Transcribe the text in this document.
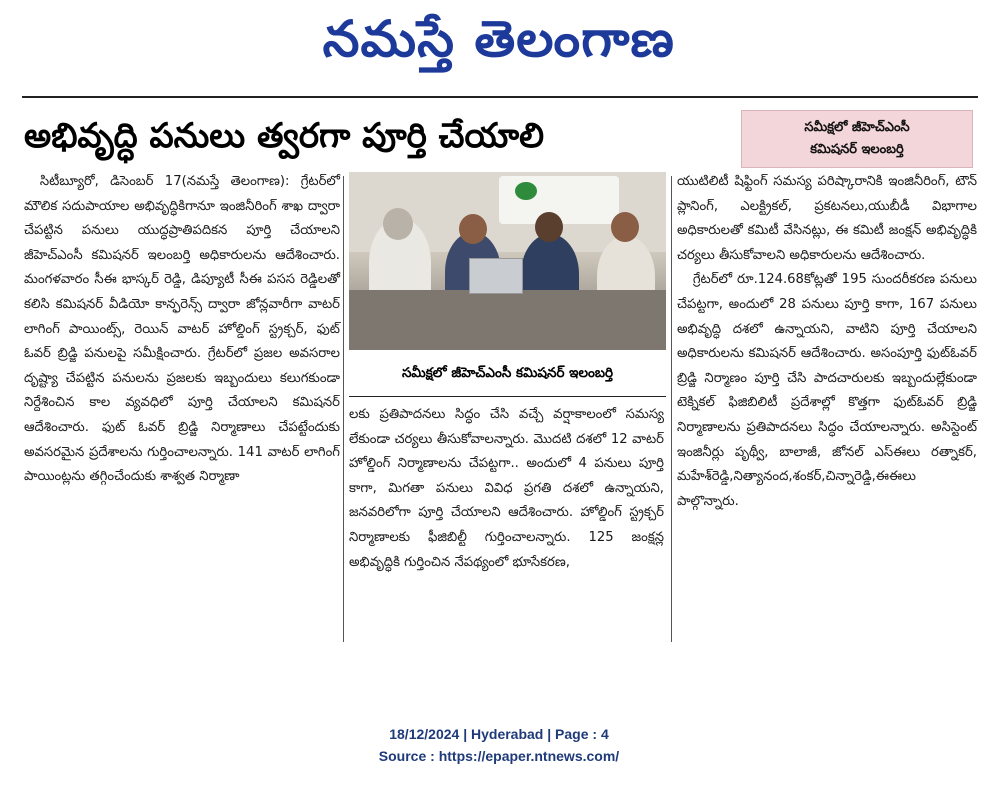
నమస్తే తెలంగాణ
అభివృద్ధి పనులు త్వరగా పూర్తి చేయాలి	సమీక్షలో జీహెచ్‌ఎంసీ
కమిషనర్ ఇలంబర్తి

సిటీబ్యూరో, డిసెంబర్ 17(నమస్తే తెలంగాణ): గ్రేటర్‌లో మౌలిక సదుపాయాల అభివృద్ధికిగానూ ఇంజినీరింగ్ శాఖ ద్వారా చేపట్టిన పనులు యుద్ధప్రాతిపదికన పూర్తి చేయాలని జీహెచ్‌ఎంసీ కమిషనర్ ఇలంబర్తి అధికారులను ఆదేశించారు. మంగళవారం సీఈ భాస్కర్ రెడ్డి, డిప్యూటీ సీఈ పసస రెడ్డిలతో కలిసి కమిషనర్ వీడియో కాన్ఫరెన్స్ ద్వారా జోన్లవారీగా వాటర్ లాగింగ్ పాయింట్స్, రెయిన్ వాటర్ హోల్డింగ్ స్ట్రక్చర్, ఫుట్ ఓవర్ బ్రిడ్జి పనులపై సమీక్షించారు. గ్రేటర్‌లో ప్రజల అవసరాల దృష్ట్యా చేపట్టిన పనులను ప్రజలకు ఇబ్బందులు కలుగకుండా నిర్దేశించిన కాల వ్యవధిలో పూర్తి చేయాలని కమిషనర్ ఆదేశించారు. ఫుట్ ఓవర్ బ్రిడ్జి నిర్మాణాలు చేపట్టేందుకు అవసరమైన ప్రదేశాలను గుర్తించాలన్నారు. 141 వాటర్ లాగింగ్ పాయింట్లను తగ్గించేందుకు శాశ్వత నిర్మాణా

సమీక్షలో జీహెచ్‌ఎంసీ కమిషనర్ ఇలంబర్తి

లకు ప్రతిపాదనలు సిద్ధం చేసి వచ్చే వర్షాకాలంలో సమస్య లేకుండా చర్యలు తీసుకోవాలన్నారు. మొదటి దశలో 12 వాటర్ హోల్డింగ్ నిర్మాణాలను చేపట్టగా.. అందులో 4 పనులు పూర్తి కాగా, మిగతా పనులు వివిధ ప్రగతి దశలో ఉన్నాయని, జనవరిలోగా పూర్తి చేయాలని ఆదేశించారు. హోల్డింగ్ స్ట్రక్చర్ నిర్మాణాలకు ఫీజిబిల్టీ గుర్తించాలన్నారు. 125 జంక్షన్ల అభివృద్ధికి గుర్తించిన నేపథ్యంలో భూసేకరణ,

యుటిలిటీ షిఫ్టింగ్ సమస్య పరిష్కారానికి ఇంజినీరింగ్, టౌన్ ప్లానింగ్, ఎలక్ట్రికల్, ప్రకటనలు,యుబీడీ విభాగాల అధికారులతో కమిటీ వేసినట్లు, ఈ కమిటీ జంక్షన్ అభివృద్ధికి చర్యలు తీసుకోవాలని అధికారులను ఆదేశించారు.

గ్రేటర్‌లో రూ.124.68కోట్లతో 195 సుందరీకరణ పనులు చేపట్టగా, అందులో 28 పనులు పూర్తి కాగా, 167 పనులు అభివృద్ధి దశలో ఉన్నాయని, వాటిని పూర్తి చేయాలని అధికారులను కమిషనర్ ఆదేశించారు. అసంపూర్తి ఫుట్‌ఓవర్ బ్రిడ్జి నిర్మాణం పూర్తి చేసి పాదచారులకు ఇబ్బందుల్లేకుండా టెక్నికల్ ఫిజిబిలిటీ ప్రదేశాల్లో కొత్తగా ఫుట్‌ఓవర్ బ్రిడ్జి నిర్మాణాలను ప్రతిపాదనలు సిద్ధం చేయాలన్నారు. అసిస్టెంట్ ఇంజినీర్లు పృథ్వీ, బాలాజీ, జోనల్ ఎస్ఈలు రత్నాకర్, మహేశ్‌రెడ్డి,నిత్యానంద,శంకర్,చిన్నారెడ్డి,ఈఈలు పాల్గొన్నారు.

18/12/2024 | Hyderabad | Page : 4
Source : https://epaper.ntnews.com/
